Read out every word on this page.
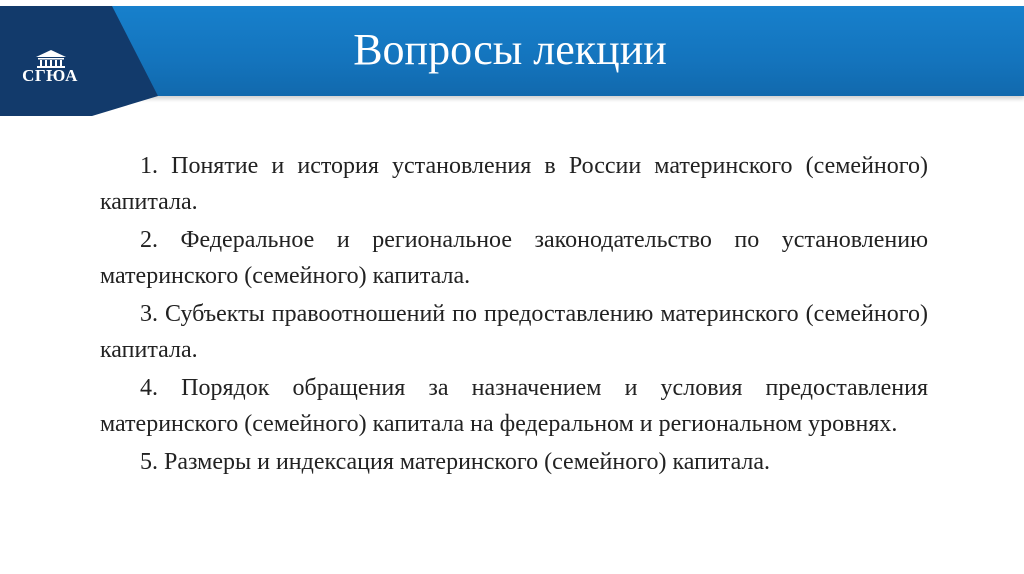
СГЮА
Вопросы лекции

1. Понятие и история установления в России материнского (семейного) капитала.

2. Федеральное и региональное законодательство по установлению материнского (семейного) капитала.

3. Субъекты правоотношений по предоставлению материнского (семейного) капитала.

4. Порядок обращения за назначением и условия предоставления материнского (семейного) капитала на федеральном и региональном уровнях.

5. Размеры и индексация материнского (семейного) капитала.
